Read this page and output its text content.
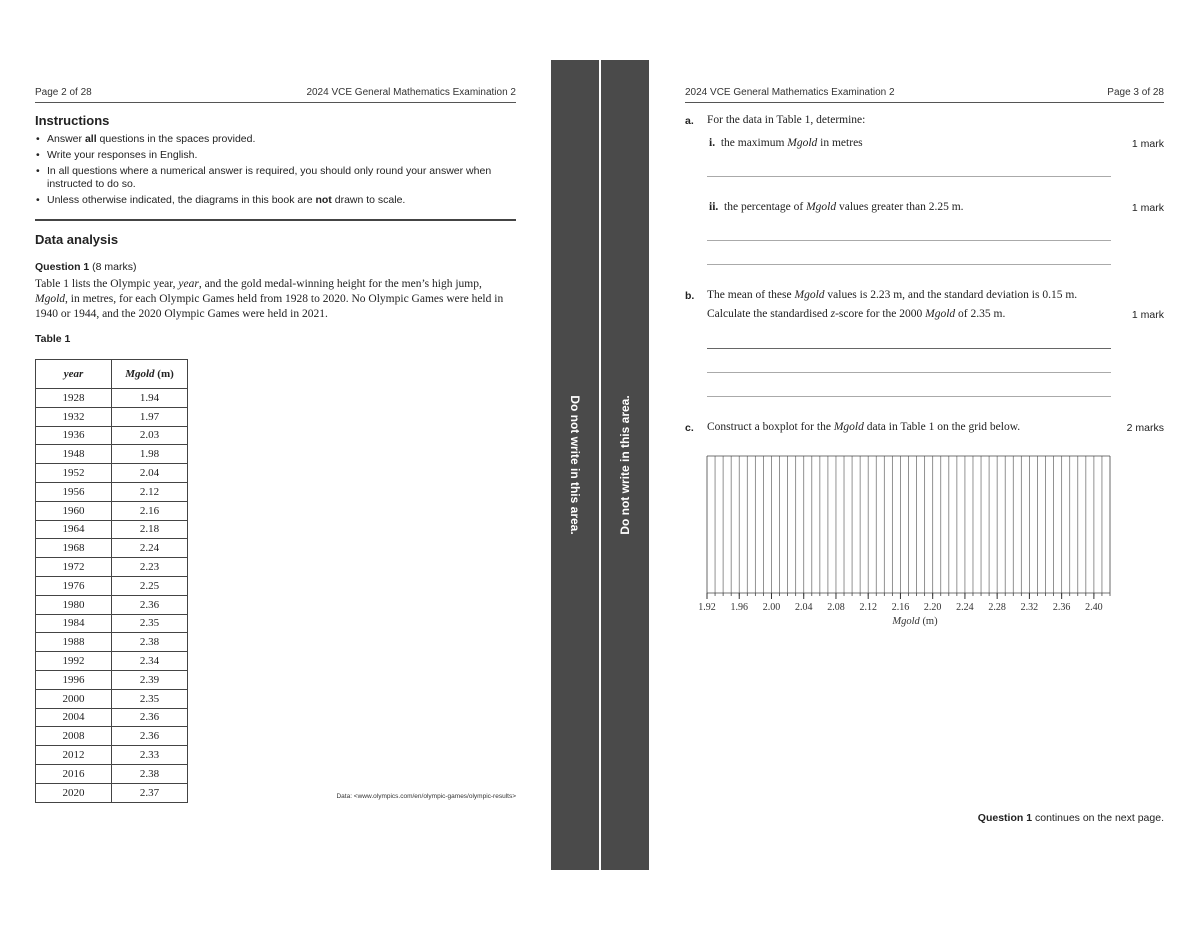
Page 2 of 28	2024 VCE General Mathematics Examination 2
Instructions
• Answer all questions in the spaces provided.
• Write your responses in English.
• In all questions where a numerical answer is required, you should only round your answer when instructed to do so.
• Unless otherwise indicated, the diagrams in this book are not drawn to scale.
Data analysis
Question 1 (8 marks)
Table 1 lists the Olympic year, year, and the gold medal-winning height for the men’s high jump, Mgold, in metres, for each Olympic Games held from 1928 to 2020. No Olympic Games were held in 1940 or 1944, and the 2020 Olympic Games were held in 2021.
Table 1
year	Mgold (m)
1928	1.94
1932	1.97
1936	2.03
1948	1.98
1952	2.04
1956	2.12
1960	2.16
1964	2.18
1968	2.24
1972	2.23
1976	2.25
1980	2.36
1984	2.35
1988	2.38
1992	2.34
1996	2.39
2000	2.35
2004	2.36
2008	2.36
2012	2.33
2016	2.38
2020	2.37	Data: <www.olympics.com/en/olympic-games/olympic-results>
Do not write in this area.	Do not write in this area.
2024 VCE General Mathematics Examination 2	Page 3 of 28
a. For the data in Table 1, determine:
i. the maximum Mgold in metres	1 mark
ii. the percentage of Mgold values greater than 2.25 m.	1 mark
b. The mean of these Mgold values is 2.23 m, and the standard deviation is 0.15 m.
Calculate the standardised z-score for the 2000 Mgold of 2.35 m.	1 mark
c. Construct a boxplot for the Mgold data in Table 1 on the grid below.	2 marks
1.92 1.96 2.00 2.04 2.08 2.12 2.16 2.20 2.24 2.28 2.32 2.36 2.40
Mgold (m)
Question 1 continues on the next page.
